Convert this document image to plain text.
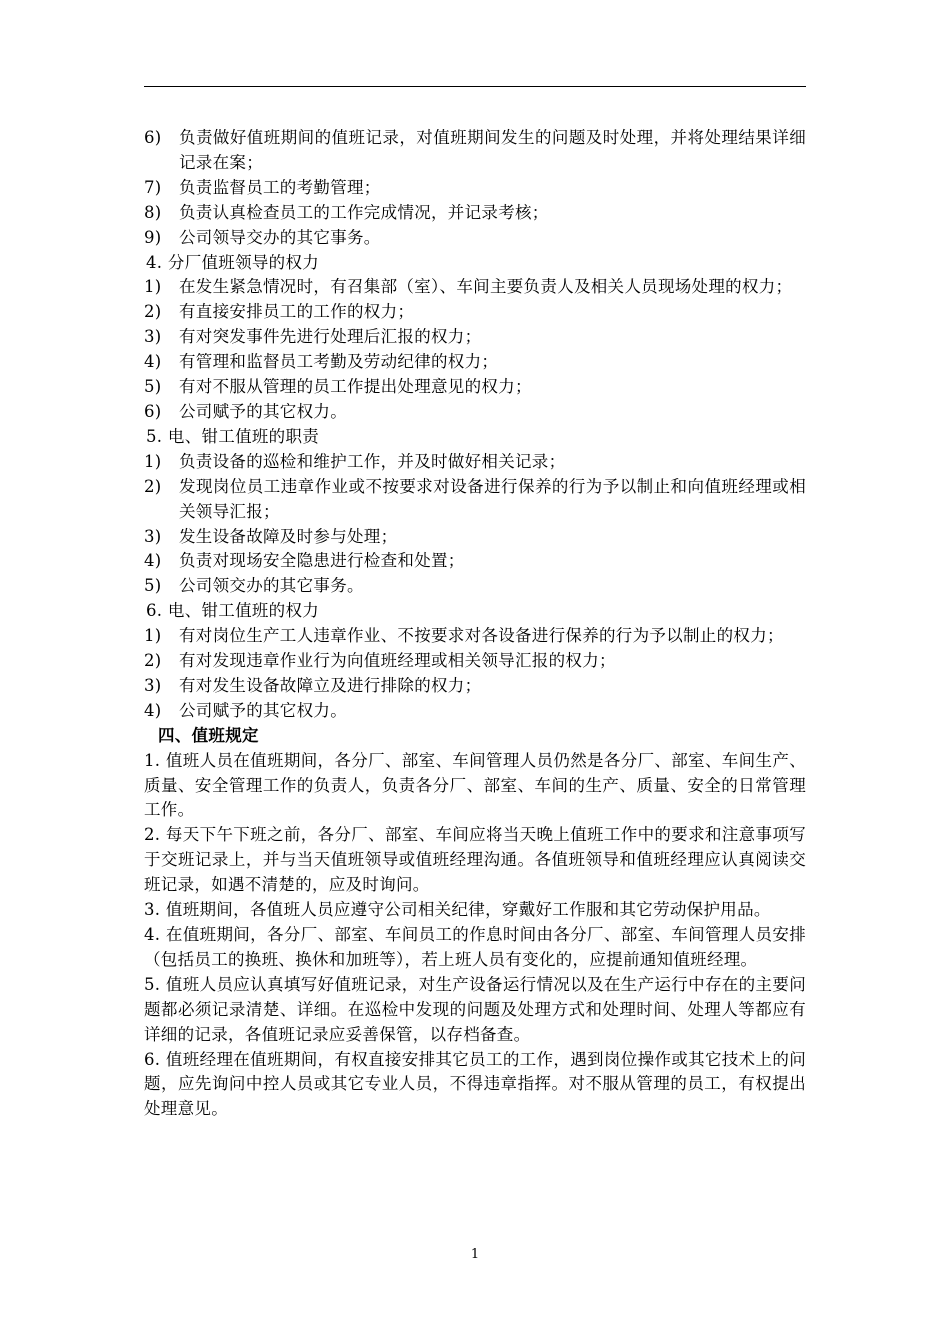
6)	负责做好值班期间的值班记录，对值班期间发生的问题及时处理，并将处理结果详细记录在案；
7)	负责监督员工的考勤管理；
8)	负责认真检查员工的工作完成情况，并记录考核；
9)	公司领导交办的其它事务。
4. 分厂值班领导的权力
1)	在发生紧急情况时，有召集部（室）、车间主要负责人及相关人员现场处理的权力；
2)	有直接安排员工的工作的权力；
3)	有对突发事件先进行处理后汇报的权力；
4)	有管理和监督员工考勤及劳动纪律的权力；
5)	有对不服从管理的员工作提出处理意见的权力；
6)	公司赋予的其它权力。
5. 电、钳工值班的职责
1)	负责设备的巡检和维护工作，并及时做好相关记录；
2)	发现岗位员工违章作业或不按要求对设备进行保养的行为予以制止和向值班经理或相关领导汇报；
3)	发生设备故障及时参与处理；
4)	负责对现场安全隐患进行检查和处置；
5)	公司领交办的其它事务。
6. 电、钳工值班的权力
1)	有对岗位生产工人违章作业、不按要求对各设备进行保养的行为予以制止的权力；
2)	有对发现违章作业行为向值班经理或相关领导汇报的权力；
3)	有对发生设备故障立及进行排除的权力；
4)	公司赋予的其它权力。
四、值班规定
1. 值班人员在值班期间，各分厂、部室、车间管理人员仍然是各分厂、部室、车间生产、质量、安全管理工作的负责人，负责各分厂、部室、车间的生产、质量、安全的日常管理工作。
2. 每天下午下班之前，各分厂、部室、车间应将当天晚上值班工作中的要求和注意事项写于交班记录上，并与当天值班领导或值班经理沟通。各值班领导和值班经理应认真阅读交班记录，如遇不清楚的，应及时询问。
3. 值班期间，各值班人员应遵守公司相关纪律，穿戴好工作服和其它劳动保护用品。
4. 在值班期间，各分厂、部室、车间员工的作息时间由各分厂、部室、车间管理人员安排（包括员工的换班、换休和加班等），若上班人员有变化的，应提前通知值班经理。
5. 值班人员应认真填写好值班记录，对生产设备运行情况以及在生产运行中存在的主要问题都必须记录清楚、详细。在巡检中发现的问题及处理方式和处理时间、处理人等都应有详细的记录，各值班记录应妥善保管，以存档备查。
6. 值班经理在值班期间，有权直接安排其它员工的工作，遇到岗位操作或其它技术上的问题，应先询问中控人员或其它专业人员，不得违章指挥。对不服从管理的员工，有权提出处理意见。
1
